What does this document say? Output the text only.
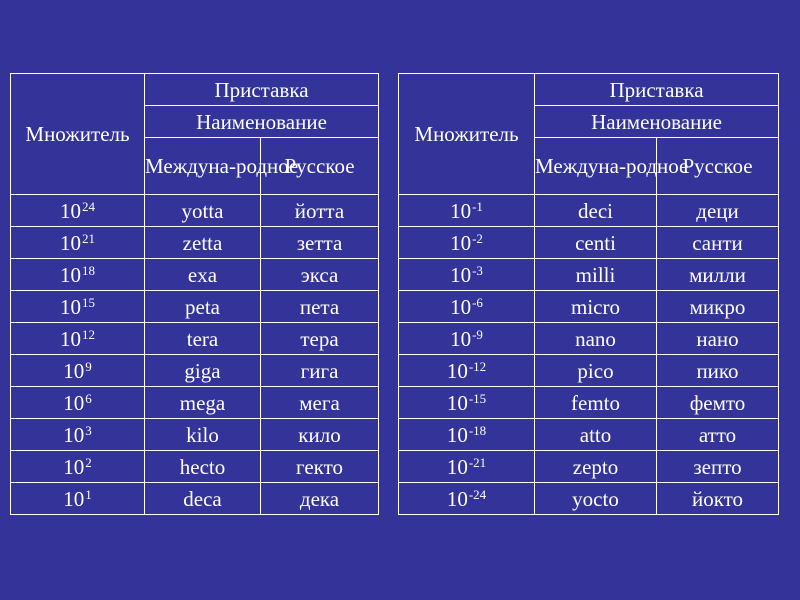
Множитель	Приставка	
	Наименование	
	Междуна-родное	Русское
$10^{24}$	yotta	йотта
$10^{21}$	zetta	зетта
$10^{18}$	exa	экса
$10^{15}$	peta	пета
$10^{12}$	tera	тера
$10^9$	giga	гига
$10^6$	mega	мега
$10^3$	kilo	кило
$10^2$	hecto	гекто
$10^1$	deca	дека
Множитель	Приставка	
	Наименование	
	Междуна-родное	Русское
$10^{-1}$	deci	деци
$10^{-2}$	centi	санти
$10^{-3}$	milli	милли
$10^{-6}$	micro	микро
$10^{-9}$	nano	нано
$10^{-12}$	pico	пико
$10^{-15}$	femto	фемто
$10^{-18}$	atto	атто
$10^{-21}$	zepto	зепто
$10^{-24}$	yocto	йокто
